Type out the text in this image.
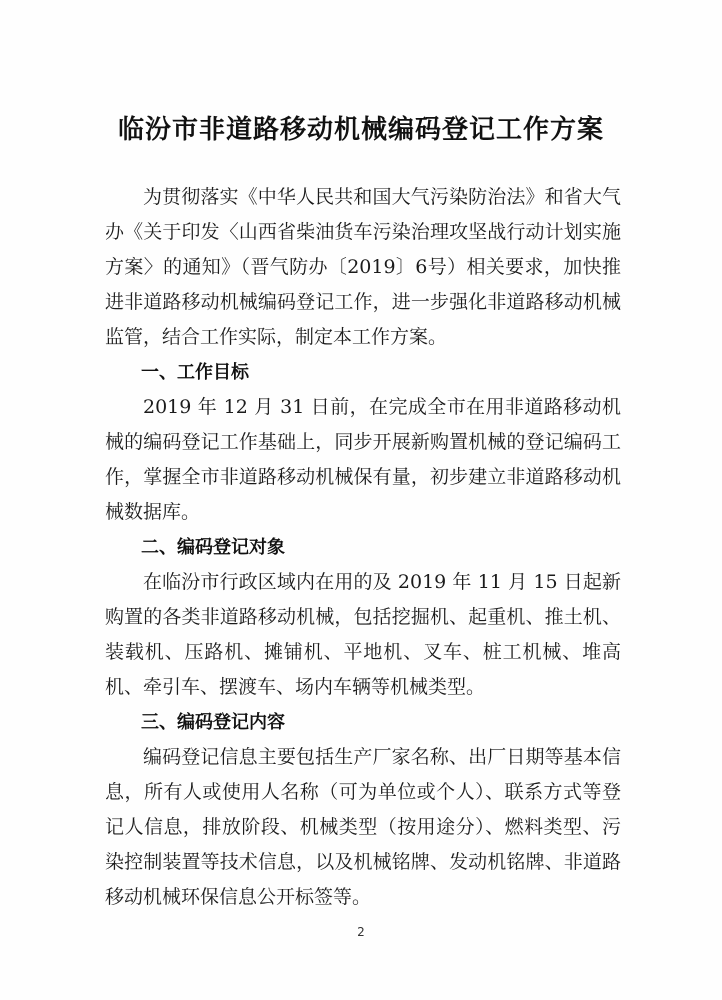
临汾市非道路移动机械编码登记工作方案

为贯彻落实《中华人民共和国大气污染防治法》和省大气办《关于印发〈山西省柴油货车污染治理攻坚战行动计划实施方案〉的通知》（晋气防办〔2019〕6号）相关要求，加快推进非道路移动机械编码登记工作，进一步强化非道路移动机械监管，结合工作实际，制定本工作方案。

一、工作目标

2019 年 12 月 31 日前，在完成全市在用非道路移动机械的编码登记工作基础上，同步开展新购置机械的登记编码工作，掌握全市非道路移动机械保有量，初步建立非道路移动机械数据库。

二、编码登记对象

在临汾市行政区域内在用的及 2019 年 11 月 15 日起新购置的各类非道路移动机械，包括挖掘机、起重机、推土机、装载机、压路机、摊铺机、平地机、叉车、桩工机械、堆高机、牵引车、摆渡车、场内车辆等机械类型。

三、编码登记内容

编码登记信息主要包括生产厂家名称、出厂日期等基本信息，所有人或使用人名称（可为单位或个人）、联系方式等登记人信息，排放阶段、机械类型（按用途分）、燃料类型、污染控制装置等技术信息，以及机械铭牌、发动机铭牌、非道路移动机械环保信息公开标签等。

2
